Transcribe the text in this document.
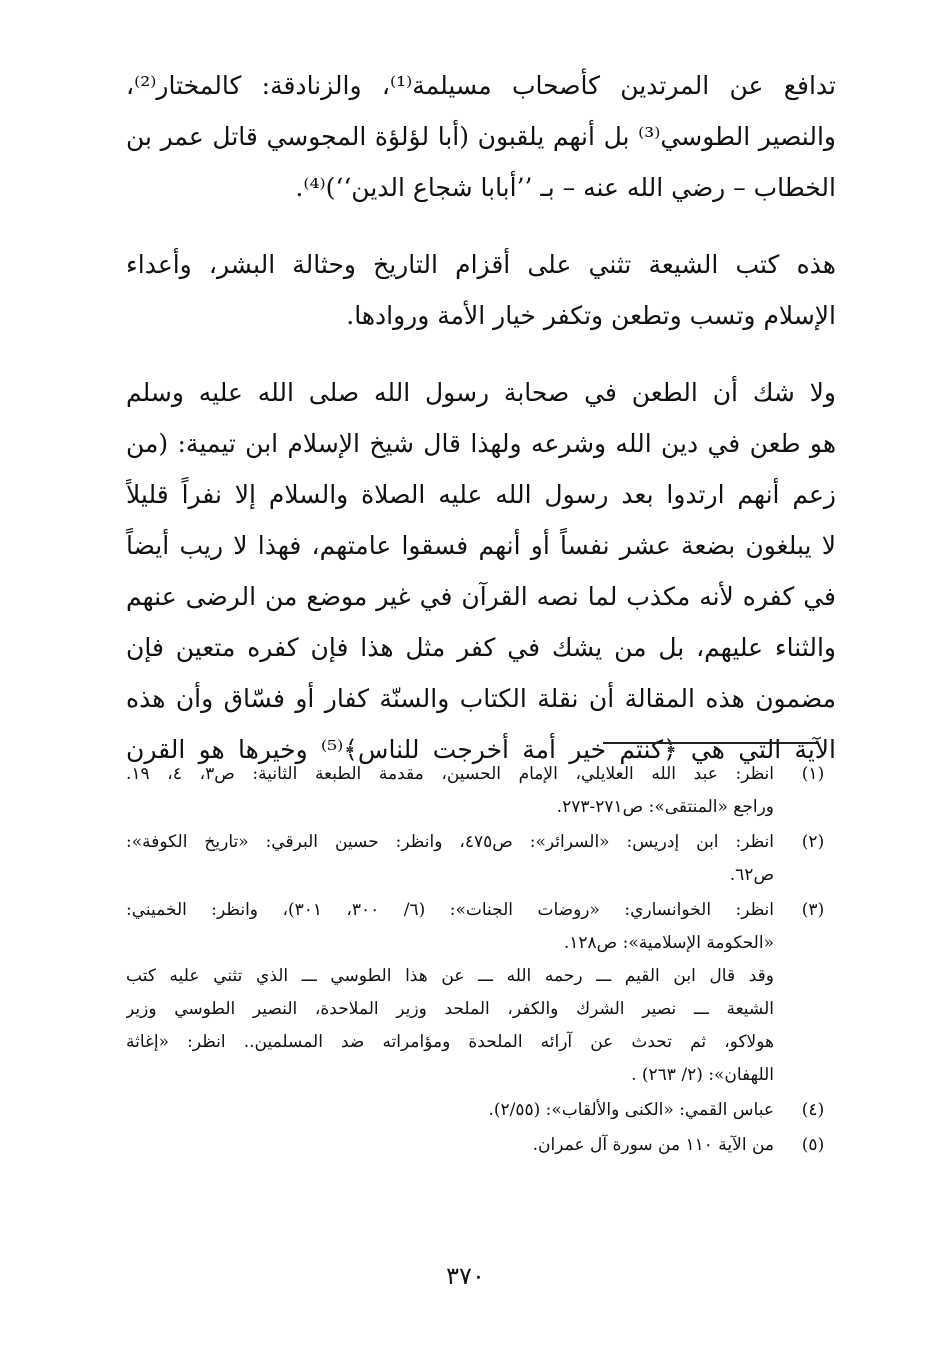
تدافع عن المرتدين كأصحاب مسيلمة⁽¹⁾، والزنادقة: كالمختار⁽²⁾،
والنصير الطوسي⁽³⁾ بل أنهم يلقبون (أبا لؤلؤة المجوسي قاتل عمر بن
الخطاب – رضي الله عنه – بـ ’’أبابا شجاع الدين‘‘)⁽⁴⁾.
هذه كتب الشيعة تثني على أقزام التاريخ وحثالة البشر، وأعداء
الإسلام وتسب وتطعن وتكفر خيار الأمة وروادها.
ولا شك أن الطعن في صحابة رسول الله صلى الله عليه وسلم
هو طعن في دين الله وشرعه ولهذا قال شيخ الإسلام ابن تيمية: (من
زعم أنهم ارتدوا بعد رسول الله عليه الصلاة والسلام إلا نفراً قليلاً
لا يبلغون بضعة عشر نفساً أو أنهم فسقوا عامتهم، فهذا لا ريب أيضاً
في كفره لأنه مكذب لما نصه القرآن في غير موضع من الرضى عنهم
والثناء عليهم، بل من يشك في كفر مثل هذا فإن كفره متعين فإن
مضمون هذه المقالة أن نقلة الكتاب والسنّة كفار أو فسّاق وأن هذه
الآية التي هي ﴿كنتم خير أمة أخرجت للناس﴾⁽⁵⁾ وخيرها هو القرن
(١)
انظر: عبد الله العلايلي، الإمام الحسين، مقدمة الطبعة الثانية: ص٣، ٤، ١٩.
وراجع «المنتقى»: ص٢٧١-٢٧٣.
(٢)
انظر: ابن إدريس: «السرائر»: ص٤٧٥، وانظر: حسين البرقي: «تاريخ الكوفة»:
ص٦٢.
(٣)
انظر: الخوانساري: «روضات الجنات»: (٦/ ٣٠٠، ٣٠١)، وانظر: الخميني:
«الحكومة الإسلامية»: ص١٢٨.
وقد قال ابن القيم ـــ رحمه الله ـــ عن هذا الطوسي ـــ الذي تثني عليه كتب
الشيعة ـــ نصير الشرك والكفر، الملحد وزير الملاحدة، النصير الطوسي وزير
هولاكو، ثم تحدث عن آرائه الملحدة ومؤامراته ضد المسلمين.. انظر: «إغاثة
اللهفان»: (٢/ ٢٦٣) .
(٤)
عباس القمي: «الكنى والألقاب»: (٢/٥٥).
(٥)
من الآية ١١٠ من سورة آل عمران.
٣٧٠
